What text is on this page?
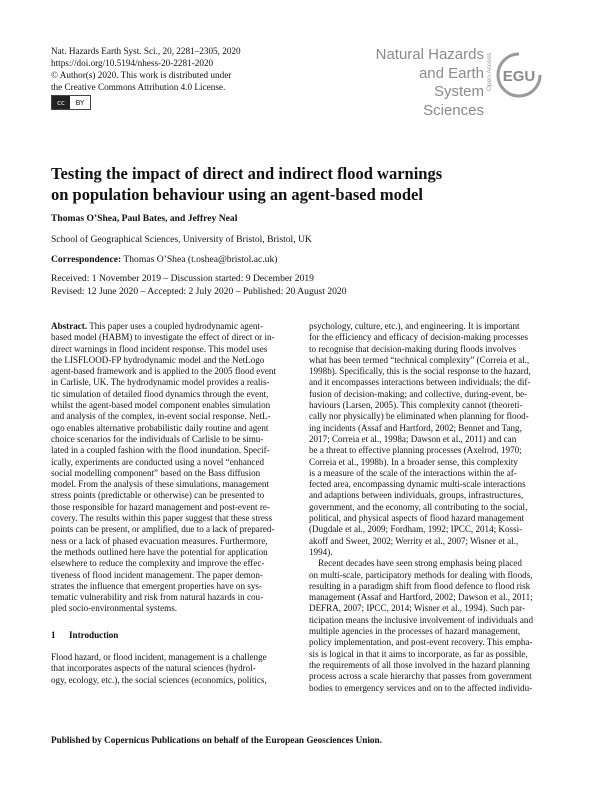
Nat. Hazards Earth Syst. Sci., 20, 2281–2305, 2020
https://doi.org/10.5194/nhess-20-2281-2020
© Author(s) 2020. This work is distributed under
the Creative Commons Attribution 4.0 License.
cc	BY
Natural Hazards
and Earth System
Sciences
Open Access EGU
Testing the impact of direct and indirect flood warnings
on population behaviour using an agent-based model
Thomas O’Shea, Paul Bates, and Jeffrey Neal
School of Geographical Sciences, University of Bristol, Bristol, UK
Correspondence: Thomas O’Shea (t.oshea@bristol.ac.uk)
Received: 1 November 2019 – Discussion started: 9 December 2019
Revised: 12 June 2020 – Accepted: 2 July 2020 – Published: 20 August 2020
Abstract. This paper uses a coupled hydrodynamic agent-
based model (HABM) to investigate the effect of direct or in-
direct warnings in flood incident response. This model uses
the LISFLOOD-FP hydrodynamic model and the NetLogo
agent-based framework and is applied to the 2005 flood event
in Carlisle, UK. The hydrodynamic model provides a realis-
tic simulation of detailed flood dynamics through the event,
whilst the agent-based model component enables simulation
and analysis of the complex, in-event social response. NetL-
ogo enables alternative probabilistic daily routine and agent
choice scenarios for the individuals of Carlisle to be simu-
lated in a coupled fashion with the flood inundation. Specif-
ically, experiments are conducted using a novel “enhanced
social modelling component” based on the Bass diffusion
model. From the analysis of these simulations, management
stress points (predictable or otherwise) can be presented to
those responsible for hazard management and post-event re-
covery. The results within this paper suggest that these stress
points can be present, or amplified, due to a lack of prepared-
ness or a lack of phased evacuation measures. Furthermore,
the methods outlined here have the potential for application
elsewhere to reduce the complexity and improve the effec-
tiveness of flood incident management. The paper demon-
strates the influence that emergent properties have on sys-
tematic vulnerability and risk from natural hazards in cou-
pled socio-environmental systems.
1 Introduction
Flood hazard, or flood incident, management is a challenge
that incorporates aspects of the natural sciences (hydrol-
ogy, ecology, etc.), the social sciences (economics, politics,
psychology, culture, etc.), and engineering. It is important
for the efficiency and efficacy of decision-making processes
to recognise that decision-making during floods involves
what has been termed “technical complexity” (Correia et al.,
1998b). Specifically, this is the social response to the hazard,
and it encompasses interactions between individuals; the dif-
fusion of decision-making; and collective, during-event, be-
haviours (Larsen, 2005). This complexity cannot (theoreti-
cally nor physically) be eliminated when planning for flood-
ing incidents (Assaf and Hartford, 2002; Bennet and Tang,
2017; Correia et al., 1998a; Dawson et al., 2011) and can
be a threat to effective planning processes (Axelrod, 1970;
Correia et al., 1998b). In a broader sense, this complexity
is a measure of the scale of the interactions within the af-
fected area, encompassing dynamic multi-scale interactions
and adaptions between individuals, groups, infrastructures,
government, and the economy, all contributing to the social,
political, and physical aspects of flood hazard management
(Dugdale et al., 2009; Fordham, 1992; IPCC, 2014; Kossi-
akoff and Sweet, 2002; Werrity et al., 2007; Wisner et al.,
1994).
Recent decades have seen strong emphasis being placed
on multi-scale, participatory methods for dealing with floods,
resulting in a paradigm shift from flood defence to flood risk
management (Assaf and Hartford, 2002; Dawson et al., 2011;
DEFRA, 2007; IPCC, 2014; Wisner et al., 1994). Such par-
ticipation means the inclusive involvement of individuals and
multiple agencies in the processes of hazard management,
policy implementation, and post-event recovery. This empha-
sis is logical in that it aims to incorporate, as far as possible,
the requirements of all those involved in the hazard planning
process across a scale hierarchy that passes from government
bodies to emergency services and on to the affected individu-
Published by Copernicus Publications on behalf of the European Geosciences Union.
